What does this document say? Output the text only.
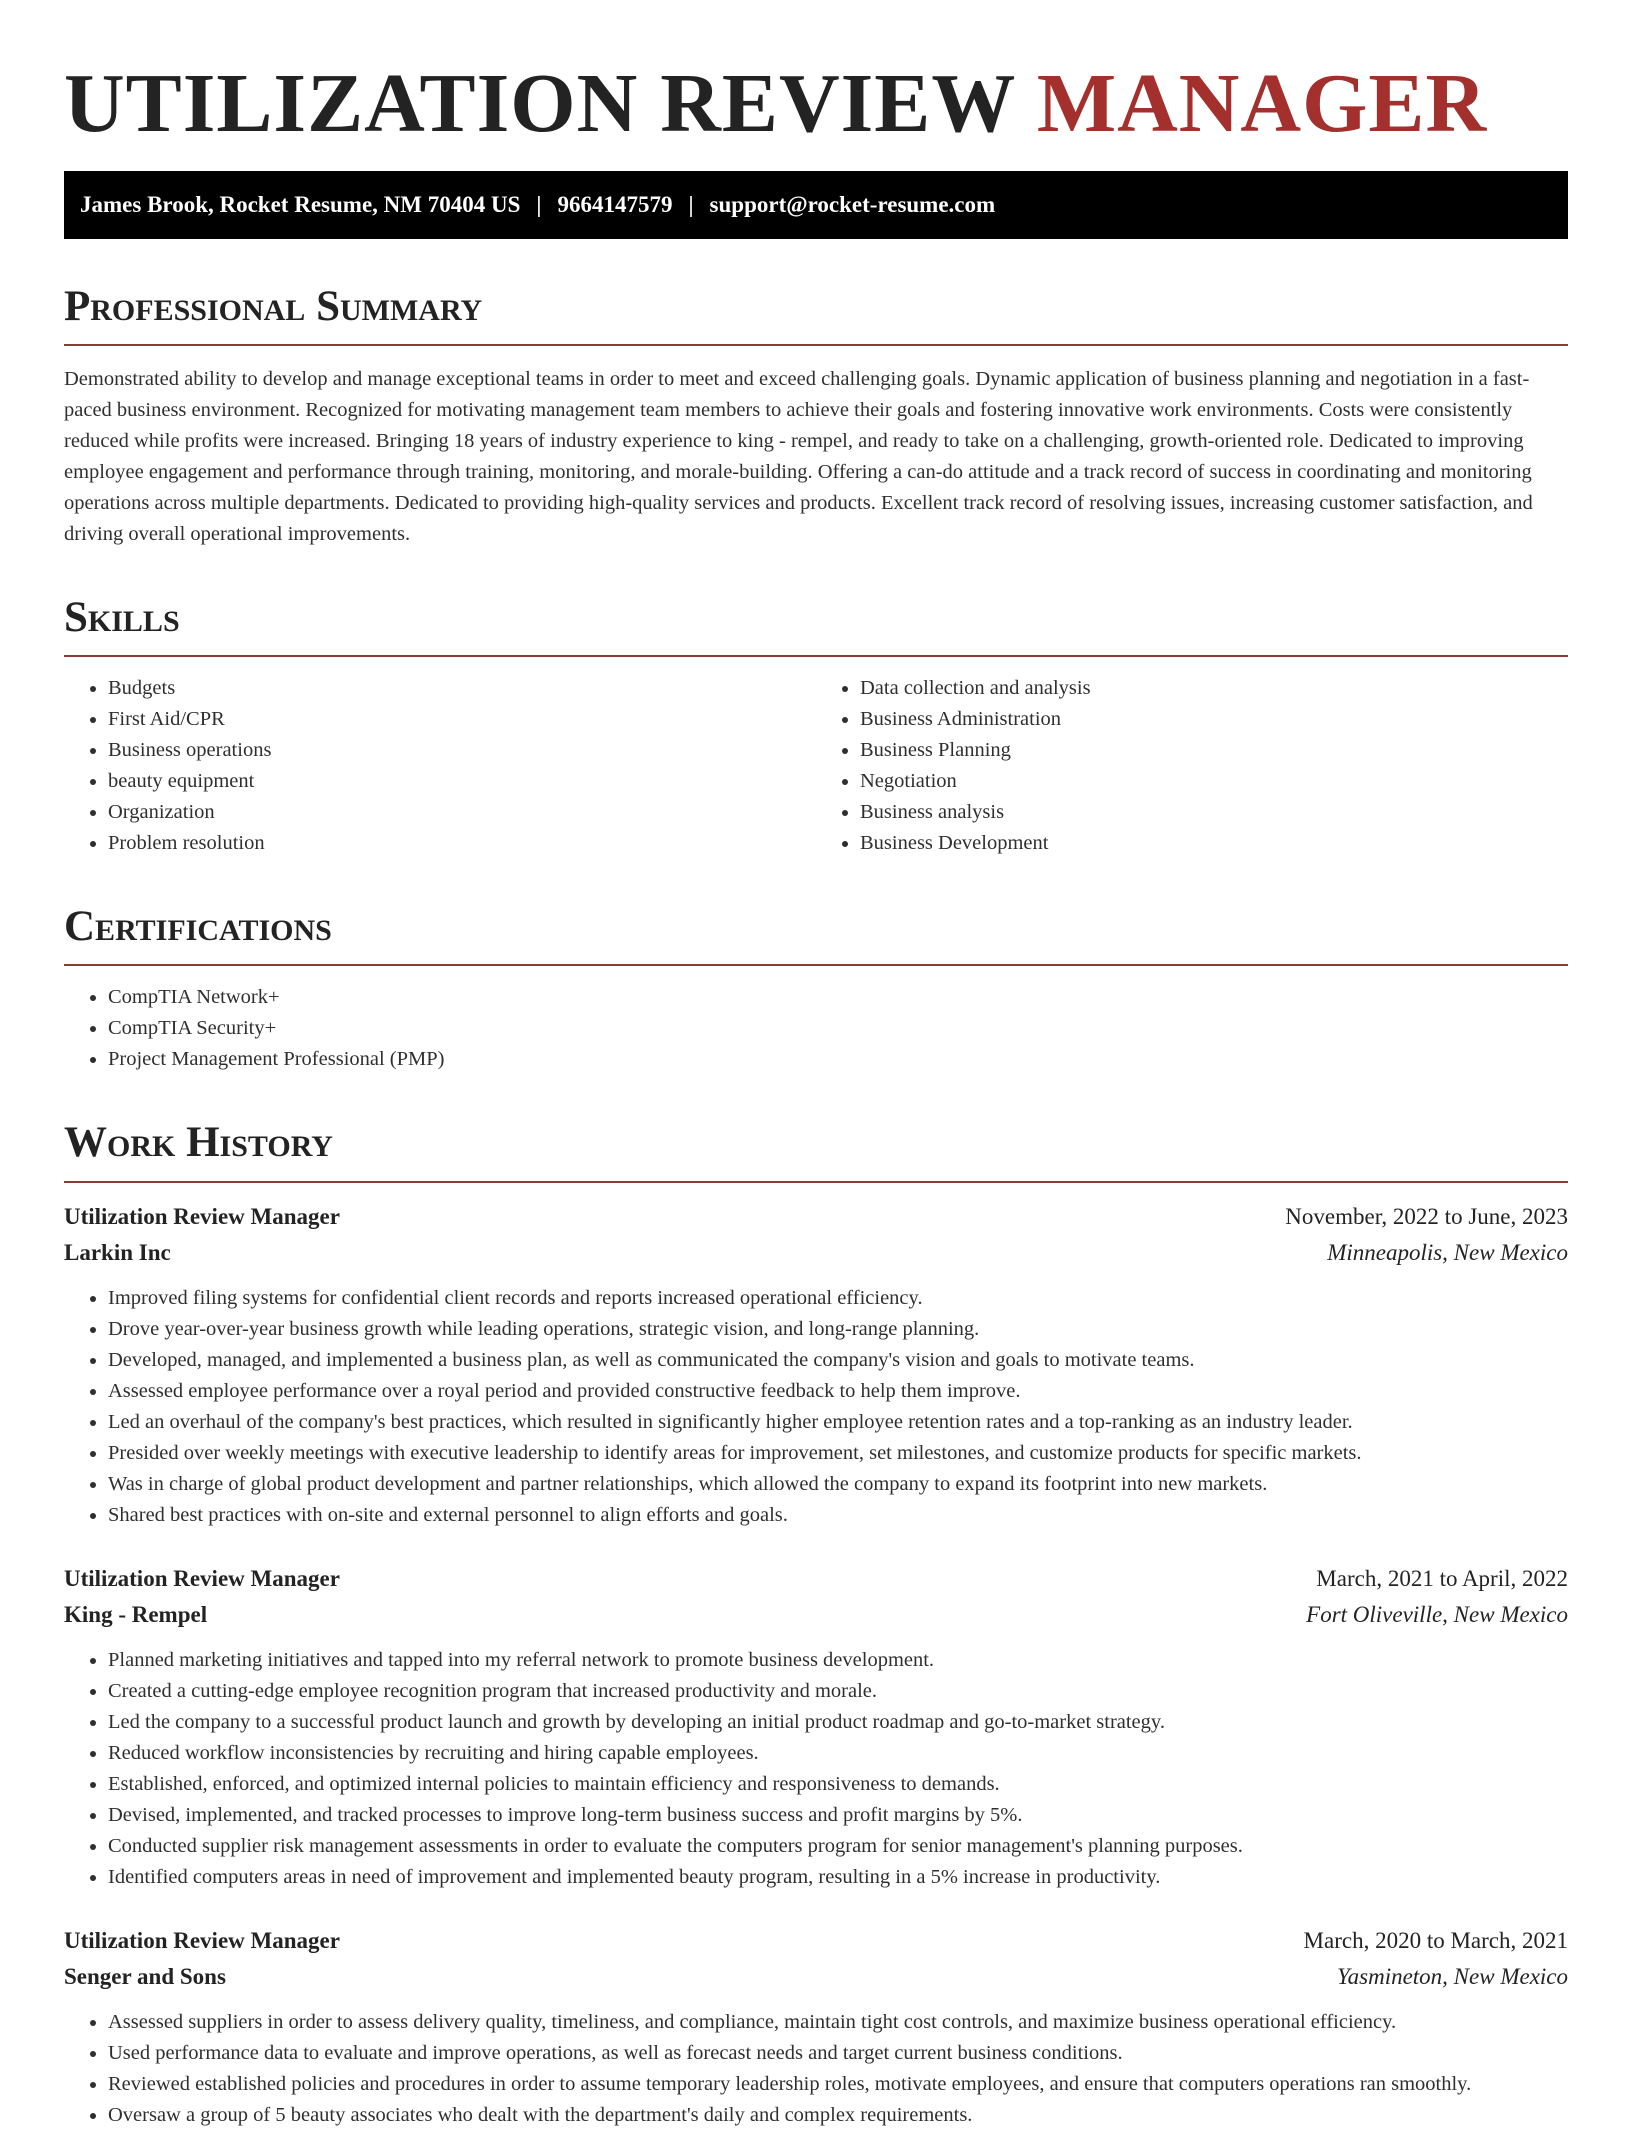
UTILIZATION REVIEW MANAGER
James Brook, Rocket Resume, NM 70404 US | 9664147579 | support@rocket-resume.com
Professional Summary

Demonstrated ability to develop and manage exceptional teams in order to meet and exceed challenging goals. Dynamic application of business planning and negotiation in a fast-paced business environment. Recognized for motivating management team members to achieve their goals and fostering innovative work environments. Costs were consistently reduced while profits were increased. Bringing 18 years of industry experience to king - rempel, and ready to take on a challenging, growth-oriented role. Dedicated to improving employee engagement and performance through training, monitoring, and morale-building. Offering a can-do attitude and a track record of success in coordinating and monitoring operations across multiple departments. Dedicated to providing high-quality services and products. Excellent track record of resolving issues, increasing customer satisfaction, and driving overall operational improvements.

Skills
• Budgets
• First Aid/CPR
• Business operations
• beauty equipment
• Organization
• Problem resolution
• Data collection and analysis
• Business Administration
• Business Planning
• Negotiation
• Business analysis
• Business Development
Certifications
• CompTIA Network+
• CompTIA Security+
• Project Management Professional (PMP)
Work History
Utilization Review Manager	November, 2022 to June, 2023
Larkin Inc	Minneapolis, New Mexico
• Improved filing systems for confidential client records and reports increased operational efficiency.
• Drove year-over-year business growth while leading operations, strategic vision, and long-range planning.
• Developed, managed, and implemented a business plan, as well as communicated the company's vision and goals to motivate teams.
• Assessed employee performance over a royal period and provided constructive feedback to help them improve.
• Led an overhaul of the company's best practices, which resulted in significantly higher employee retention rates and a top-ranking as an industry leader.
• Presided over weekly meetings with executive leadership to identify areas for improvement, set milestones, and customize products for specific markets.
• Was in charge of global product development and partner relationships, which allowed the company to expand its footprint into new markets.
• Shared best practices with on-site and external personnel to align efforts and goals.
Utilization Review Manager	March, 2021 to April, 2022
King - Rempel	Fort Oliveville, New Mexico
• Planned marketing initiatives and tapped into my referral network to promote business development.
• Created a cutting-edge employee recognition program that increased productivity and morale.
• Led the company to a successful product launch and growth by developing an initial product roadmap and go-to-market strategy.
• Reduced workflow inconsistencies by recruiting and hiring capable employees.
• Established, enforced, and optimized internal policies to maintain efficiency and responsiveness to demands.
• Devised, implemented, and tracked processes to improve long-term business success and profit margins by 5%.
• Conducted supplier risk management assessments in order to evaluate the computers program for senior management's planning purposes.
• Identified computers areas in need of improvement and implemented beauty program, resulting in a 5% increase in productivity.
Utilization Review Manager	March, 2020 to March, 2021
Senger and Sons	Yasmineton, New Mexico
• Assessed suppliers in order to assess delivery quality, timeliness, and compliance, maintain tight cost controls, and maximize business operational efficiency.
• Used performance data to evaluate and improve operations, as well as forecast needs and target current business conditions.
• Reviewed established policies and procedures in order to assume temporary leadership roles, motivate employees, and ensure that computers operations ran smoothly.
• Oversaw a group of 5 beauty associates who dealt with the department's daily and complex requirements.
